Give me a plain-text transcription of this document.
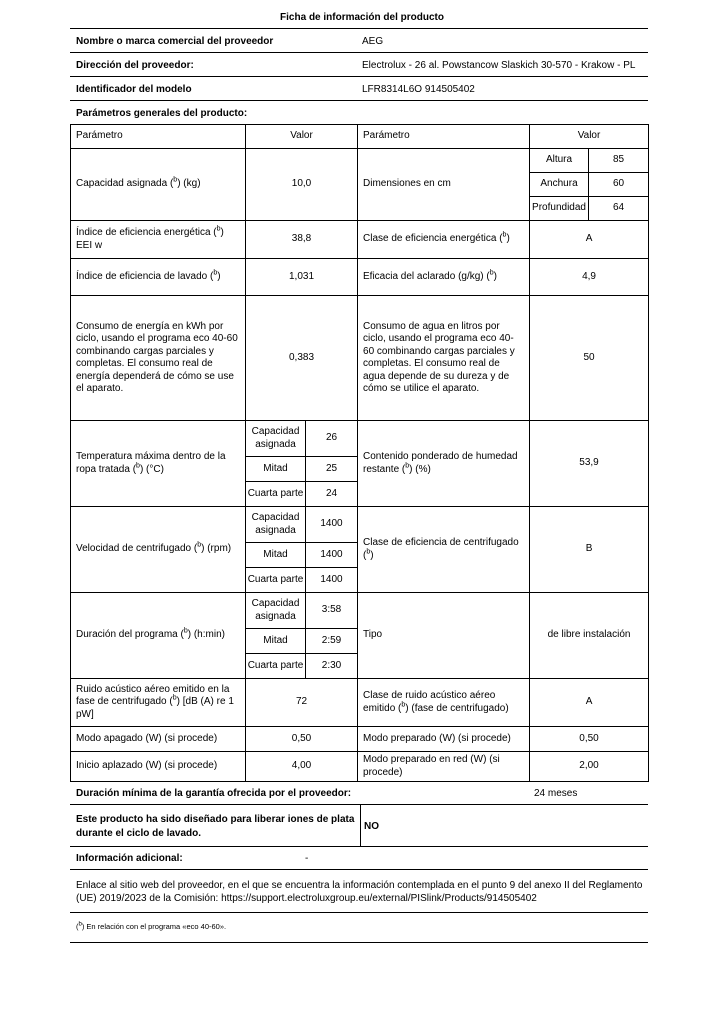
Ficha de información del producto
Nombre o marca comercial del proveedor	AEG
Dirección del proveedor:	Electrolux - 26 al. Powstancow Slaskich 30-570 - Krakow - PL
Identificador del modelo	LFR8314L6O 914505402
Parámetros generales del producto:
Parámetro	Valor		Parámetro	Valor	
Capacidad asignada ($^b$) (kg)	10,0		Dimensiones en cm	Altura	85
				Anchura	60
				Profundidad	64
Índice de eficiencia energética ($^b$) EEI w	38,8		Clase de eficiencia energética ($^b$)	A	
Índice de eficiencia de lavado ($^b$)	1,031		Eficacia del aclarado (g/kg) ($^b$)	4,9	
Consumo de energía en kWh por ciclo, usando el programa eco 40-60 combinando cargas parciales y completas. El consumo real de energía dependerá de cómo se use el aparato.	0,383		Consumo de agua en litros por ciclo, usando el programa eco 40-60 combinando cargas parciales y completas. El consumo real de agua depende de su dureza y de cómo se utilice el aparato.	50	
Temperatura máxima dentro de la ropa tratada ($^b$) (°C)	Capacidad asignada	26	Contenido ponderado de humedad restante ($^b$) (%)	53,9	
	Mitad	25			
	Cuarta parte	24			
Velocidad de centrifugado ($^b$) (rpm)	Capacidad asignada	1400	Clase de eficiencia de centrifugado ($^b$)	B	
	Mitad	1400			
	Cuarta parte	1400			
Duración del programa ($^b$) (h:min)	Capacidad asignada	3:58	Tipo	de libre instalación	
	Mitad	2:59			
	Cuarta parte	2:30			
Ruido acústico aéreo emitido en la fase de centrifugado ($^b$) [dB (A) re 1 pW]	72		Clase de ruido acústico aéreo emitido ($^b$) (fase de centrifugado)	A	
Modo apagado (W) (si procede)	0,50		Modo preparado (W) (si procede)	0,50	
Inicio aplazado (W) (si procede)	4,00		Modo preparado en red (W) (si procede)	2,00	
Duración mínima de la garantía ofrecida por el proveedor:	24 meses
Este producto ha sido diseñado para liberar iones de plata durante el ciclo de lavado.
NO
Información adicional:	-
Enlace al sitio web del proveedor, en el que se encuentra la información contemplada en el punto 9 del anexo II del Reglamento (UE) 2019/2023 de la Comisión: https://support.electroluxgroup.eu/external/PISlink/Products/914505402
($^b$) En relación con el programa «eco 40-60».
